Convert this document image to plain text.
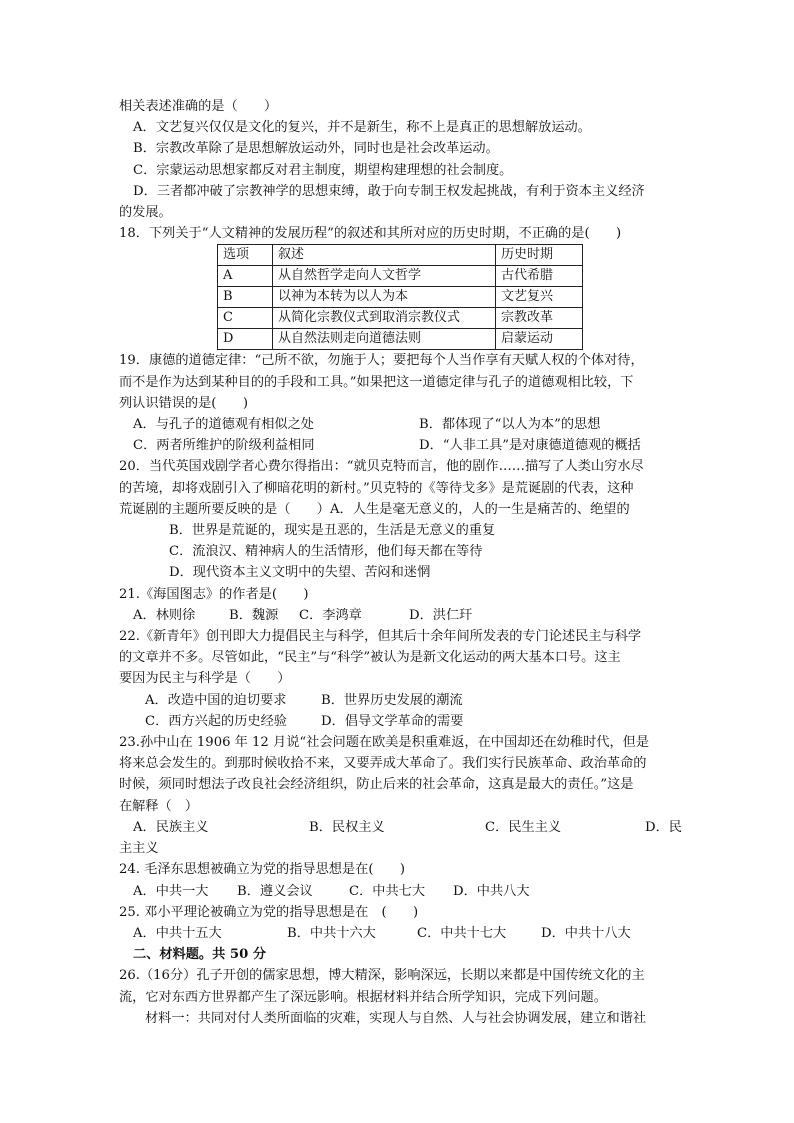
相关表述准确的是（　　）
A．文艺复兴仅仅是文化的复兴，并不是新生，称不上是真正的思想解放运动。
B．宗教改革除了是思想解放运动外，同时也是社会改革运动。
C．宗蒙运动思想家都反对君主制度，期望构建理想的社会制度。
D．三者都冲破了宗教神学的思想束缚，敢于向专制王权发起挑战，有利于资本主义经济
的发展。
18．下列关于“人文精神的发展历程”的叙述和其所对应的历史时期，不正确的是(　　)
选项	叙述	历史时期
A	从自然哲学走向人文哲学	古代希腊
B	以神为本转为以人为本	文艺复兴
C	从简化宗教仪式到取消宗教仪式	宗教改革
D	从自然法则走向道德法则	启蒙运动
19．康德的道德定律：“己所不欲，勿施于人；要把每个人当作享有天赋人权的个体对待，
而不是作为达到某种目的的手段和工具。”如果把这一道德定律与孔子的道德观相比较，下
列认识错误的是(　　)
A．与孔子的道德观有相似之处	B．都体现了“以人为本”的思想
C．两者所维护的阶级利益相同	D．“人非工具”是对康德道德观的概括
20．当代英国戏剧学者心费尔得指出：“就贝克特而言，他的剧作……描写了人类山穷水尽
的苦境，却将戏剧引入了柳暗花明的新村。”贝克特的《等待戈多》是荒诞剧的代表，这种
荒诞剧的主题所要反映的是（　　）A．人生是毫无意义的，人的一生是痛苦的、绝望的
B．世界是荒诞的，现实是丑恶的，生活是无意义的重复
C．流浪汉、精神病人的生活情形，他们每天都在等待
D．现代资本主义文明中的失望、苦闷和迷惘
21.《海国图志》的作者是(　　)
A．林则徐	B．魏源	C．李鸿章	D．洪仁玕
22.《新青年》创刊即大力提倡民主与科学，但其后十余年间所发表的专门论述民主与科学
的文章并不多。尽管如此，“民主”与“科学”被认为是新文化运动的两大基本口号。这主
要因为民主与科学是（　　）
A．改造中国的迫切要求	B．世界历史发展的潮流
C．西方兴起的历史经验	D．倡导文学革命的需要
23.孙中山在 1906 年 12 月说“社会问题在欧美是积重难返，在中国却还在幼稚时代，但是
将来总会发生的。到那时候收拾不来，又要弄成大革命了。我们实行民族革命、政治革命的
时候，须同时想法子改良社会经济组织，防止后来的社会革命，这真是最大的责任。”这是
在解释（　）
A．民族主义	B．民权主义	C．民生主义	D．民
主主义
24. 毛泽东思想被确立为党的指导思想是在(　　)
A．中共一大	B．遵义会议	C．中共七大	D．中共八大
25. 邓小平理论被确立为党的指导思想是在　(　　)
A．中共十五大	B．中共十六大	C．中共十七大	D．中共十八大
二、材料题。共 50 分
26.（16分）孔子开创的儒家思想，博大精深，影响深远，长期以来都是中国传统文化的主
流，它对东西方世界都产生了深远影响。根据材料并结合所学知识，完成下列问题。
材料一：共同对付人类所面临的灾难，实现人与自然、人与社会协调发展，建立和谐社
